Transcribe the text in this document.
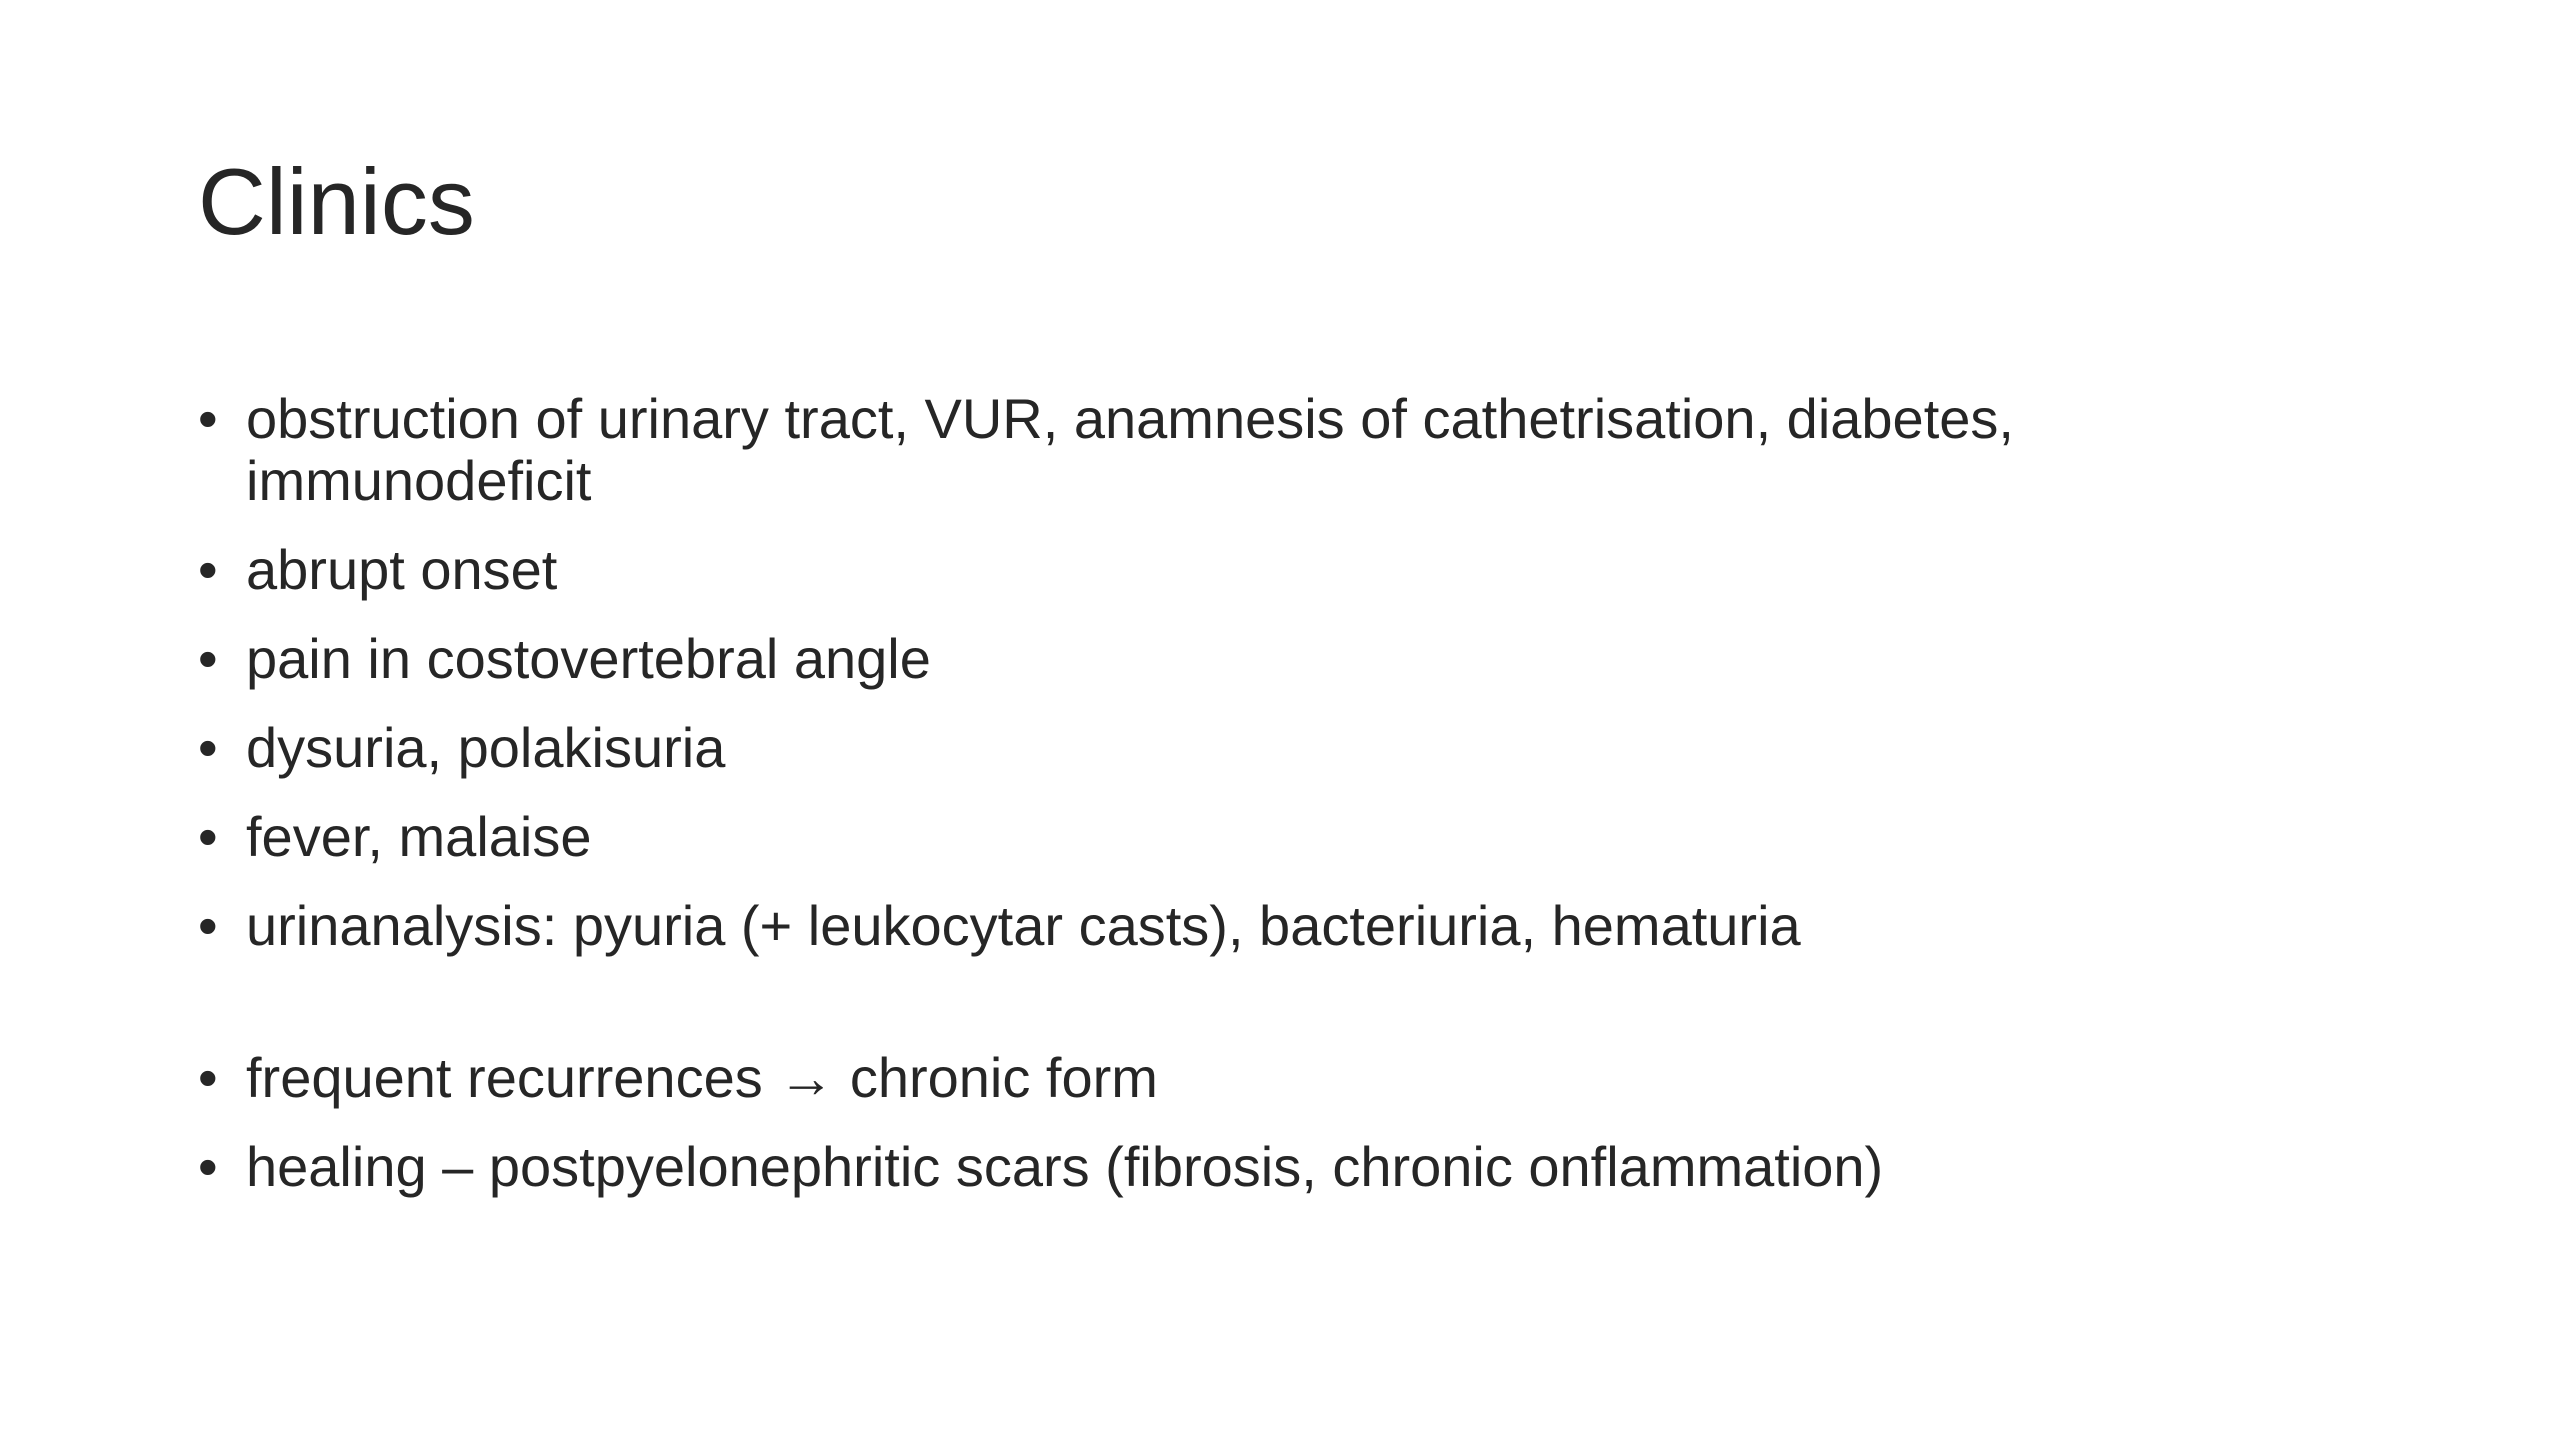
Clinics
• obstruction of urinary tract, VUR, anamnesis of cathetrisation, diabetes, immunodeficit
• abrupt onset
• pain in costovertebral angle
• dysuria, polakisuria
• fever, malaise
• urinanalysis: pyuria (+ leukocytar casts), bacteriuria, hematuria
• frequent recurrences → chronic form
• healing – postpyelonephritic scars (fibrosis, chronic onflammation)
